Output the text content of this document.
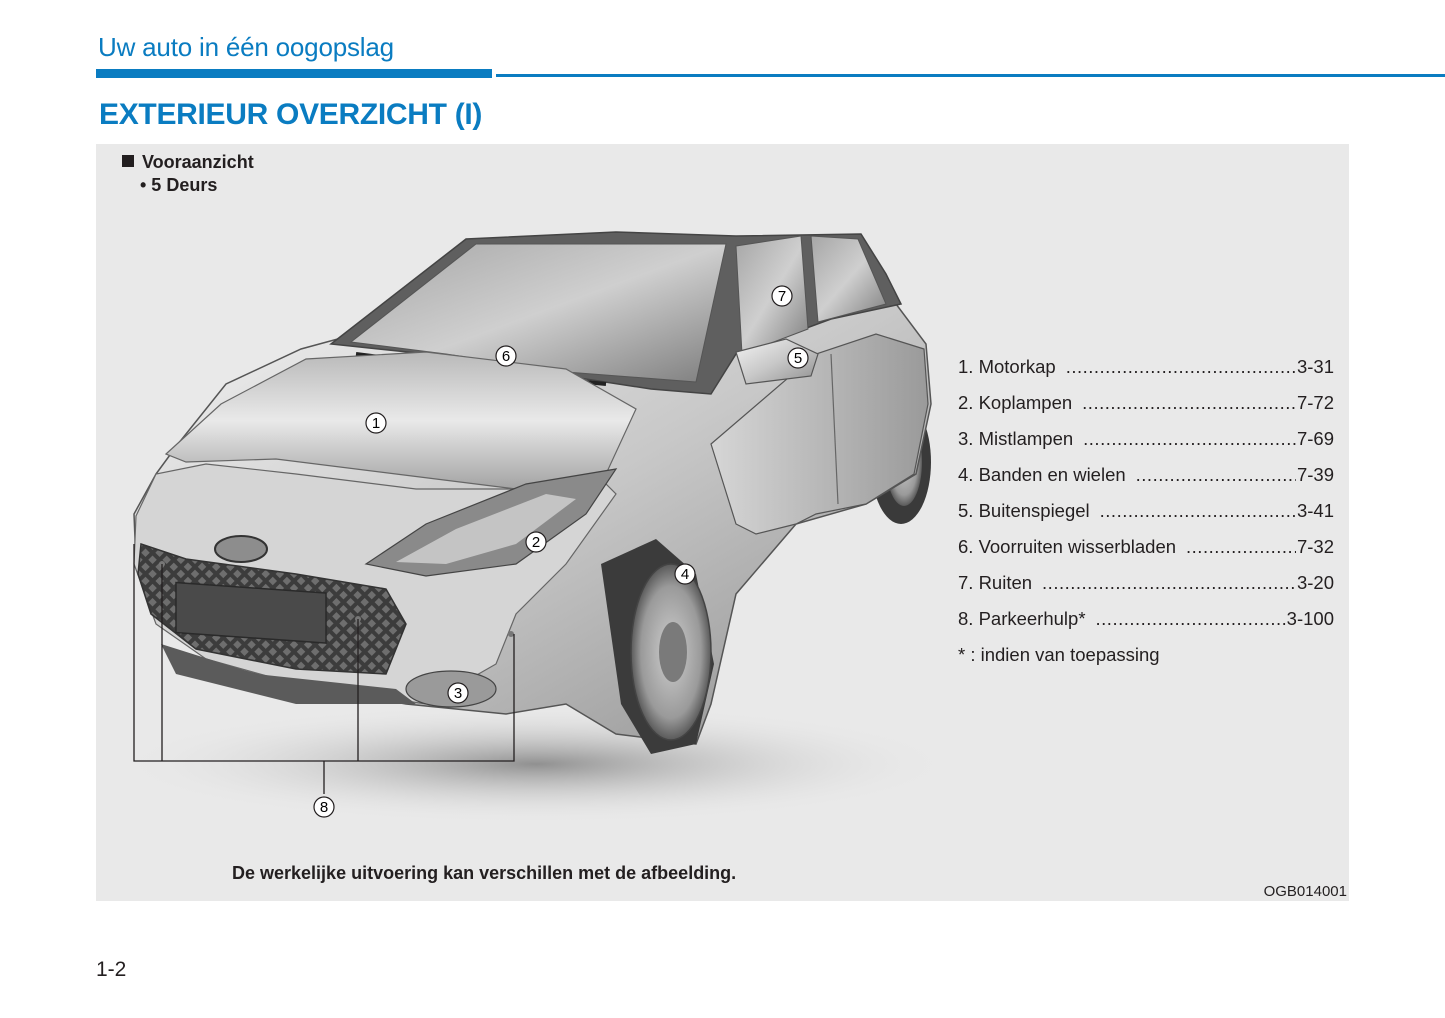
Uw auto in één oogopslag
EXTERIEUR OVERZICHT (I)
Vooraanzicht
• 5 Deurs
1
2
3
4
5
6
7
8
1. Motorkap .....	3-31
2. Koplampen .....	7-72
3. Mistlampen .....	7-69
4. Banden en wielen .....	7-39
5. Buitenspiegel .....	3-41
6. Voorruiten wisserbladen .....	7-32
7. Ruiten .....	3-20
8. Parkeerhulp* .....	3-100
* : indien van toepassing
De werkelijke uitvoering kan verschillen met de afbeelding.
OGB014001
1-2
